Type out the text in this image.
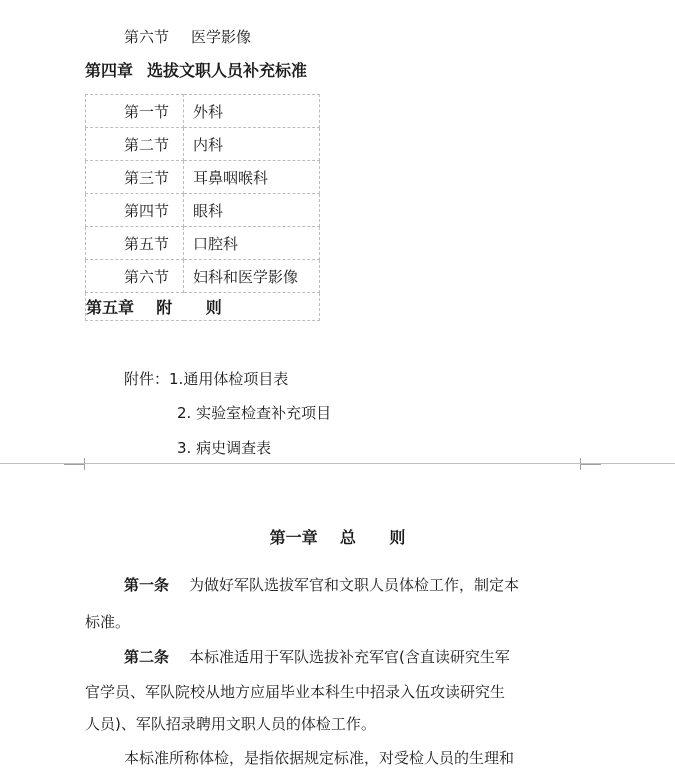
第六节 医学影像
第四章 选拔文职人员补充标准
第一节	外科
第二节	内科
第三节	耳鼻咽喉科
第四节	眼科
第五节	口腔科
第六节	妇科和医学影像
第五章    附      则	
附件：1.通用体检项目表
2. 实验室检查补充项目
3. 病史调查表
第一章    总      则
第一条 为做好军队选拔军官和文职人员体检工作，制定本
标准。
第二条 本标准适用于军队选拔补充军官(含直读研究生军
官学员、军队院校从地方应届毕业本科生中招录入伍攻读研究生
人员)、军队招录聘用文职人员的体检工作。
本标准所称体检，是指依据规定标准，对受检人员的生理和
